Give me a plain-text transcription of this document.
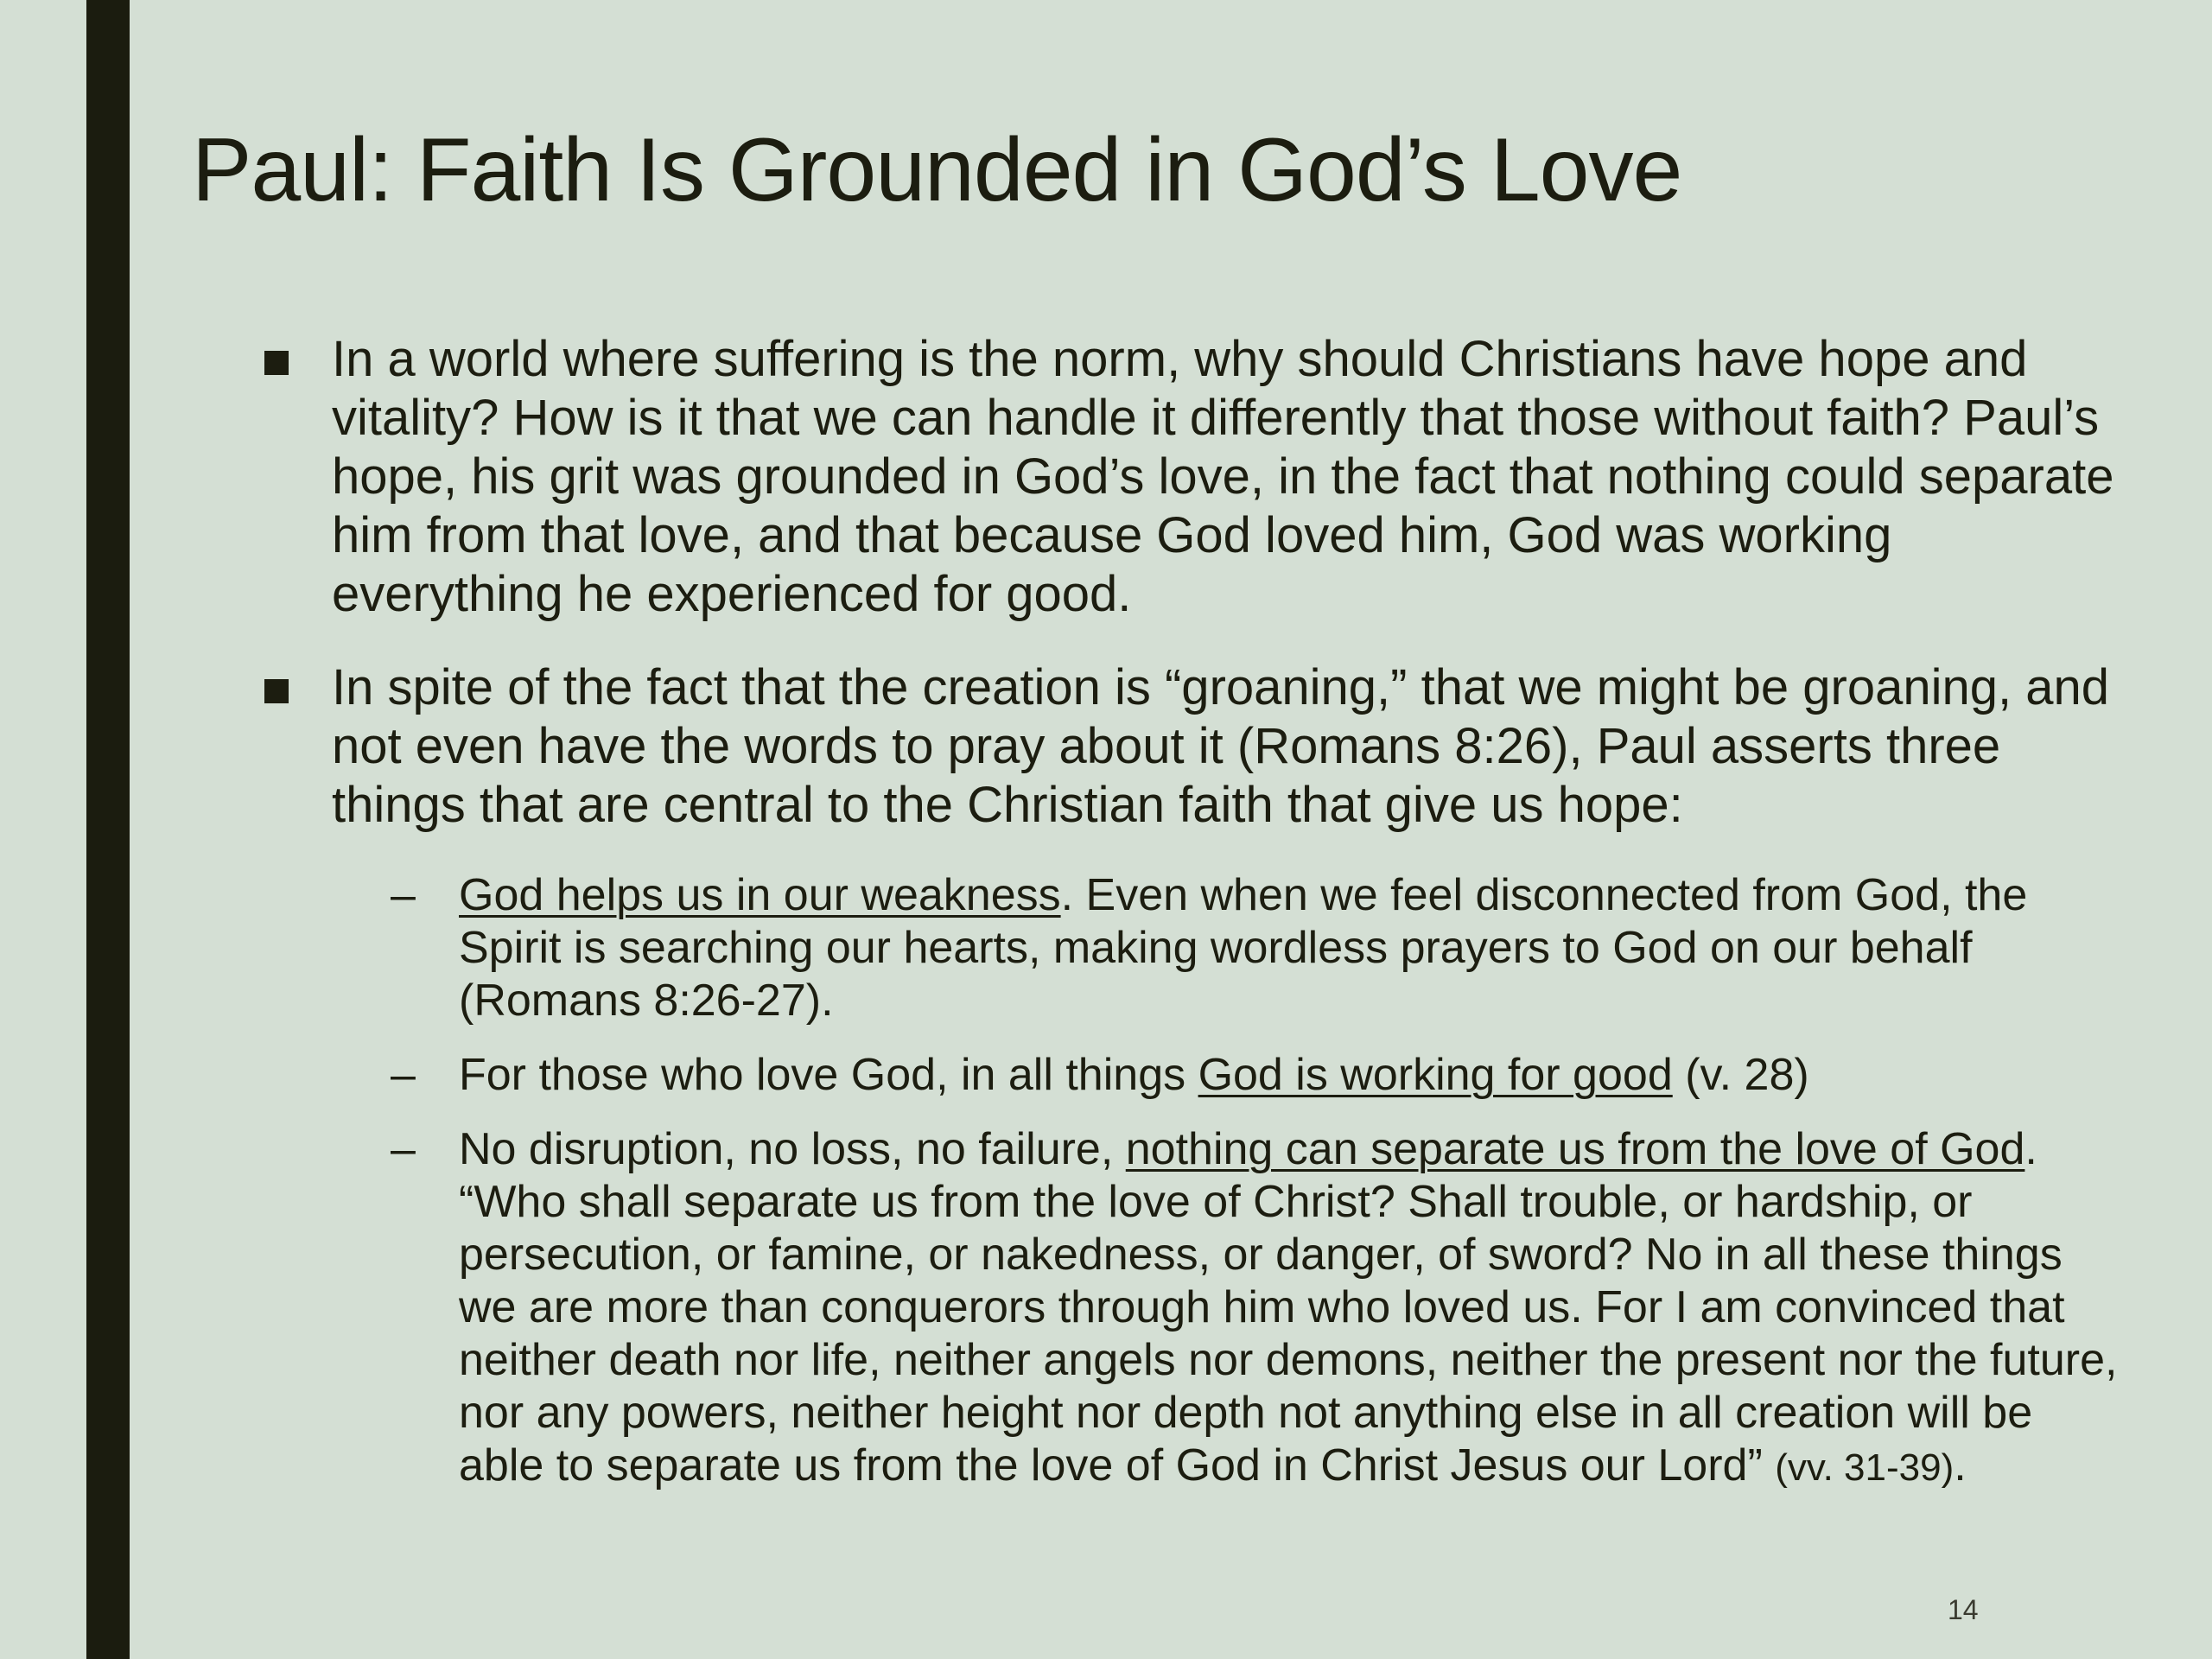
Paul: Faith Is Grounded in God’s Love
In a world where suffering is the norm, why should Christians have hope and vitality? How is it that we can handle it differently that those without faith? Paul’s hope, his grit was grounded in God’s love, in the fact that nothing could separate him from that love, and that because God loved him, God was working everything he experienced for good.
In spite of the fact that the creation is “groaning,” that we might be groaning, and not even have the words to pray about it (Romans 8:26), Paul asserts three things that are central to the Christian faith that give us hope:
– God helps us in our weakness. Even when we feel disconnected from God, the Spirit is searching our hearts, making wordless prayers to God on our behalf (Romans 8:26-27).
– For those who love God, in all things God is working for good (v. 28)
– No disruption, no loss, no failure, nothing can separate us from the love of God. “Who shall separate us from the love of Christ? Shall trouble, or hardship, or persecution, or famine, or nakedness, or danger, of sword? No in all these things we are more than conquerors through him who loved us. For I am convinced that neither death nor life, neither angels nor demons, neither the present nor the future, nor any powers, neither height nor depth not anything else in all creation will be able to separate us from the love of God in Christ Jesus our Lord” (vv. 31-39).
14
